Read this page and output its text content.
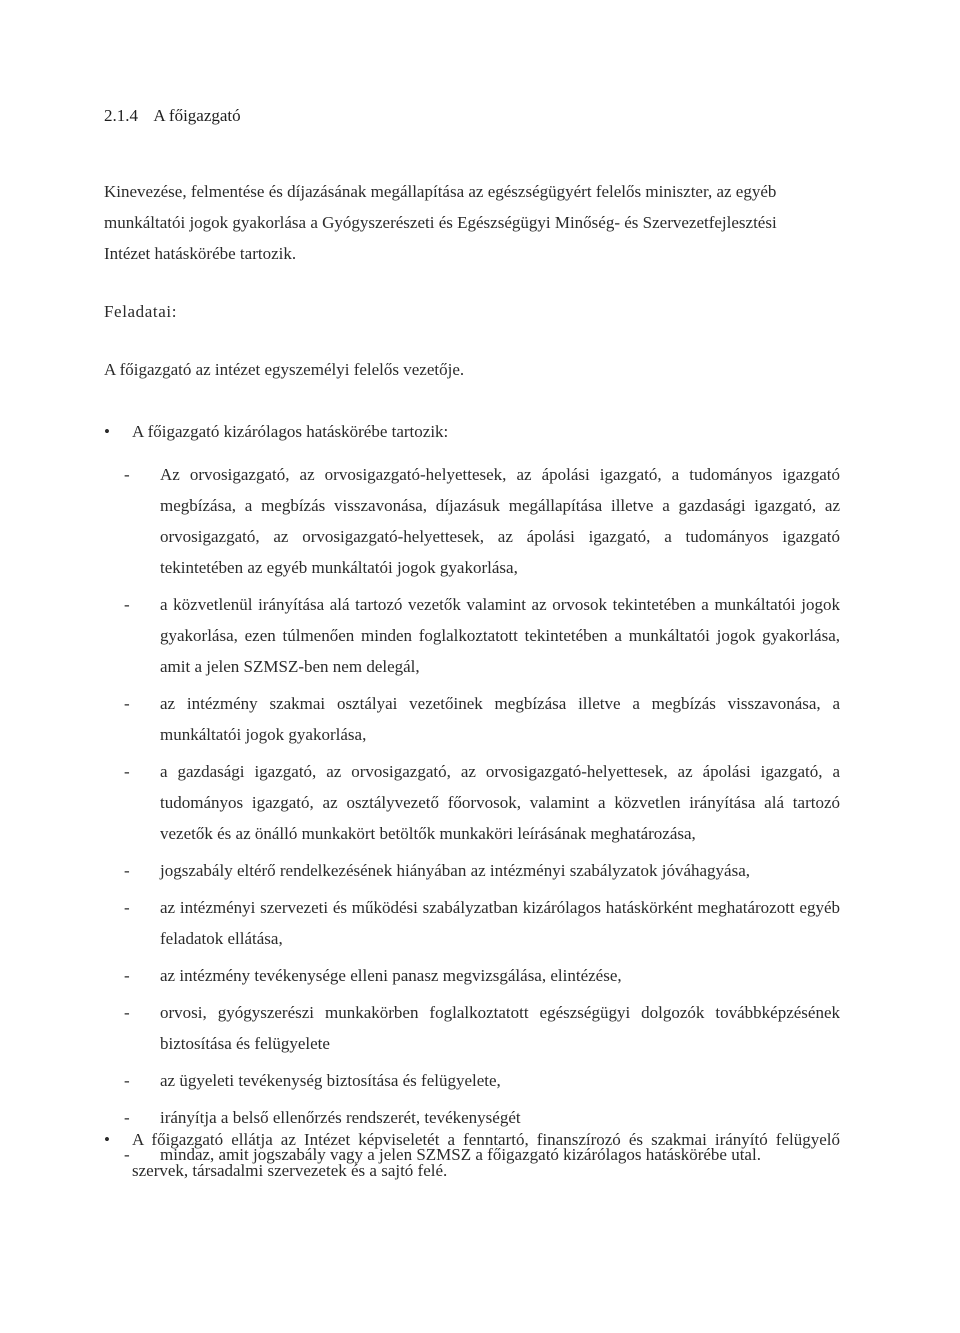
2.1.4 A főigazgató
Kinevezése, felmentése és díjazásának megállapítása az egészségügyért felelős miniszter, az egyéb munkáltatói jogok gyakorlása a Gyógyszerészeti és Egészségügyi Minőség- és Szervezetfejlesztési Intézet hatáskörébe tartozik.
Feladatai:
A főigazgató az intézet egyszemélyi felelős vezetője.
• A főigazgató kizárólagos hatáskörébe tartozik:
- Az orvosigazgató, az orvosigazgató-helyettesek, az ápolási igazgató, a tudományos igazgató megbízása, a megbízás visszavonása, díjazásuk megállapítása illetve a gazdasági igazgató, az orvosigazgató, az orvosigazgató-helyettesek, az ápolási igazgató, a tudományos igazgató tekintetében az egyéb munkáltatói jogok gyakorlása,
- a közvetlenül irányítása alá tartozó vezetők valamint az orvosok tekintetében a munkáltatói jogok gyakorlása, ezen túlmenően minden foglalkoztatott tekintetében a munkáltatói jogok gyakorlása, amit a jelen SZMSZ-ben nem delegál,
- az intézmény szakmai osztályai vezetőinek megbízása illetve a megbízás visszavonása, a munkáltatói jogok gyakorlása,
- a gazdasági igazgató, az orvosigazgató, az orvosigazgató-helyettesek, az ápolási igazgató, a tudományos igazgató, az osztályvezető főorvosok, valamint a közvetlen irányítása alá tartozó vezetők és az önálló munkakört betöltők munkaköri leírásának meghatározása,
- jogszabály eltérő rendelkezésének hiányában az intézményi szabályzatok jóváhagyása,
- az intézményi szervezeti és működési szabályzatban kizárólagos hatáskörként meghatározott egyéb feladatok ellátása,
- az intézmény tevékenysége elleni panasz megvizsgálása, elintézése,
- orvosi, gyógyszerészi munkakörben foglalkoztatott egészségügyi dolgozók továbbképzésének biztosítása és felügyelete
- az ügyeleti tevékenység biztosítása és felügyelete,
- irányítja a belső ellenőrzés rendszerét, tevékenységét
- mindaz, amit jogszabály vagy a jelen SZMSZ a főigazgató kizárólagos hatáskörébe utal.
• A főigazgató ellátja az Intézet képviseletét a fenntartó, finanszírozó és szakmai irányító felügyelő szervek, társadalmi szervezetek és a sajtó felé.
